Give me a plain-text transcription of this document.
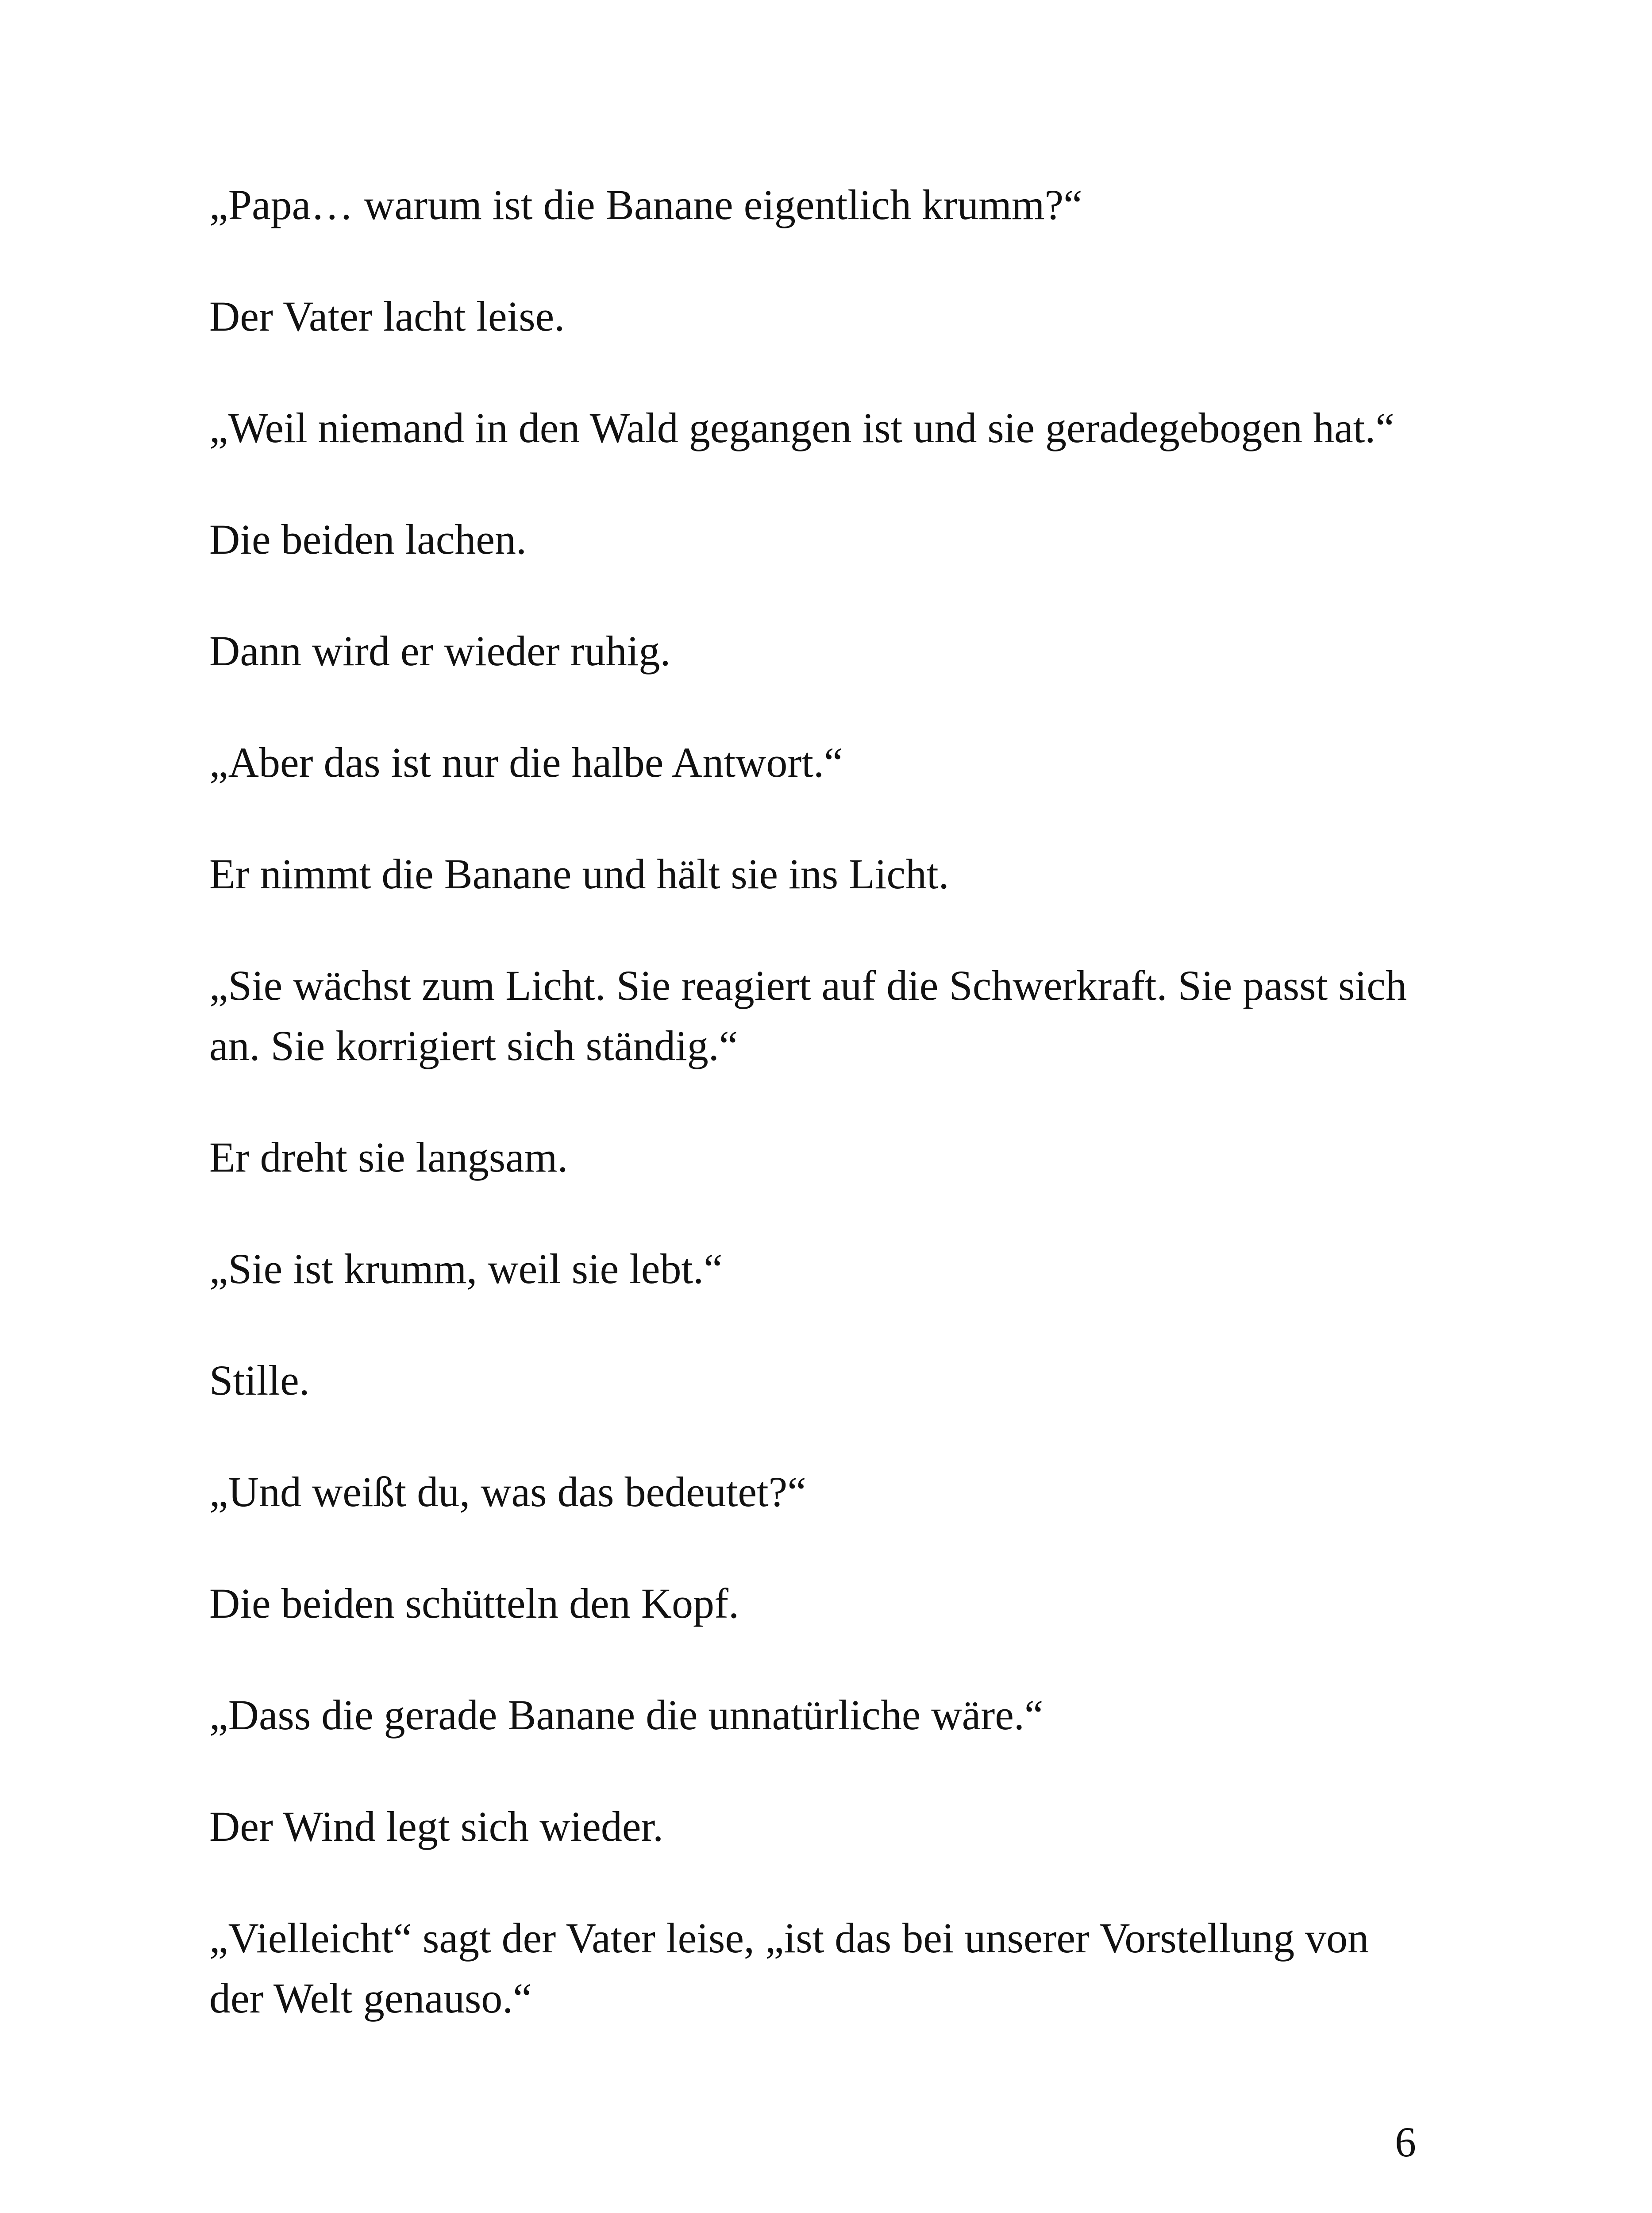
„Papa… warum ist die Banane eigentlich krumm?“

Der Vater lacht leise.

„Weil niemand in den Wald gegangen ist und sie geradegebogen hat.“

Die beiden lachen.

Dann wird er wieder ruhig.

„Aber das ist nur die halbe Antwort.“

Er nimmt die Banane und hält sie ins Licht.

„Sie wächst zum Licht. Sie reagiert auf die Schwerkraft. Sie passt sich an. Sie korrigiert sich ständig.“

Er dreht sie langsam.

„Sie ist krumm, weil sie lebt.“

Stille.

„Und weißt du, was das bedeutet?“

Die beiden schütteln den Kopf.

„Dass die gerade Banane die unnatürliche wäre.“

Der Wind legt sich wieder.

„Vielleicht“ sagt der Vater leise, „ist das bei unserer Vorstellung von der Welt genauso.“

6
